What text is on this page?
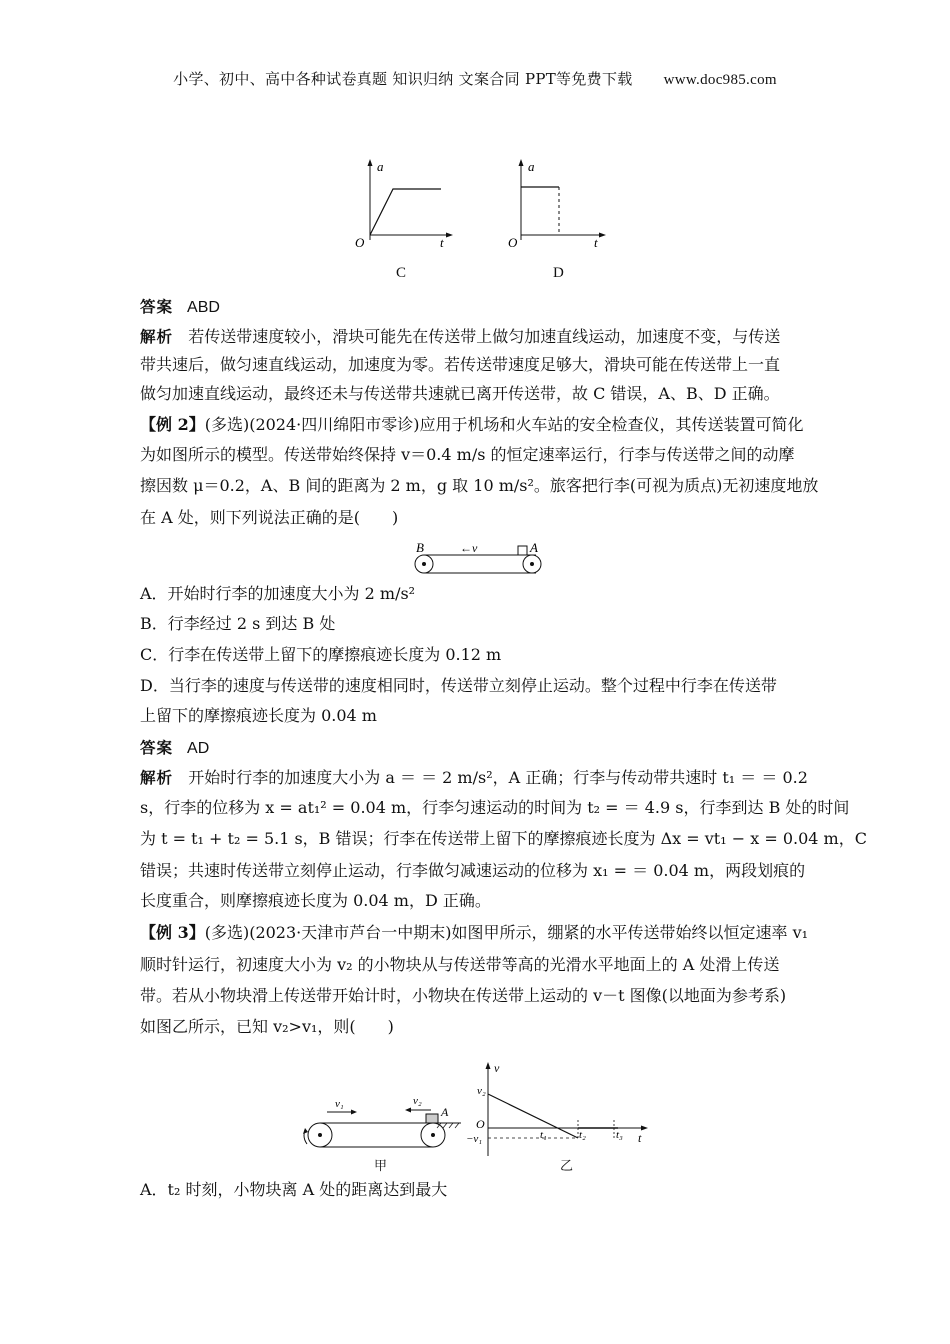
小学、初中、高中各种试卷真题 知识归纳 文案合同 PPT等免费下载 www.doc985.com
a
t
O
C
a
t
O
D
答案 ABD
解析 若传送带速度较小，滑块可能先在传送带上做匀加速直线运动，加速度不变，与传送
带共速后，做匀速直线运动，加速度为零。若传送带速度足够大，滑块可能在传送带上一直
做匀加速直线运动，最终还未与传送带共速就已离开传送带，故 C 错误，A、B、D 正确。
【例 2】(多选)(2024·四川绵阳市零诊)应用于机场和火车站的安全检查仪，其传送装置可简化
为如图所示的模型。传送带始终保持 v＝0.4 m/s 的恒定速率运行，行李与传送带之间的动摩
擦因数 μ＝0.2，A、B 间的距离为 2 m，g 取 10 m/s²。旅客把行李(可视为质点)无初速度地放
在 A 处，则下列说法正确的是(　　)
A．开始时行李的加速度大小为 2 m/s²
B．行李经过 2 s 到达 B 处
C．行李在传送带上留下的摩擦痕迹长度为 0.12 m
D．当行李的速度与传送带的速度相同时，传送带立刻停止运动。整个过程中行李在传送带
上留下的摩擦痕迹长度为 0.04 m
答案 AD
解析 开始时行李的加速度大小为 a ＝ ＝ 2 m/s²，A 正确；行李与传动带共速时 t₁ ＝ ＝ 0.2
s，行李的位移为 x = at₁² = 0.04 m，行李匀速运动的时间为 t₂ = ＝ 4.9 s，行李到达 B 处的时间
为 t = t₁ + t₂ = 5.1 s，B 错误；行李在传送带上留下的摩擦痕迹长度为 Δx = vt₁ − x = 0.04 m，C
错误；共速时传送带立刻停止运动，行李做匀减速运动的位移为 x₁ = ＝ 0.04 m，两段划痕的
长度重合，则摩擦痕迹长度为 0.04 m，D 正确。
【例 3】(多选)(2023·天津市芦台一中期末)如图甲所示，绷紧的水平传送带始终以恒定速率 v₁
顺时针运行，初速度大小为 v₂ 的小物块从与传送带等高的光滑水平地面上的 A 处滑上传送
带。若从小物块滑上传送带开始计时，小物块在传送带上运动的 v－t 图像(以地面为参考系)
如图乙所示，已知 v₂>v₁，则(　　)
A．t₂ 时刻，小物块离 A 处的距离达到最大
B	A
←v
v₁	v₂
A
甲
v
v₂
O
−v₁	t₁	t₂	t₃ t
乙
